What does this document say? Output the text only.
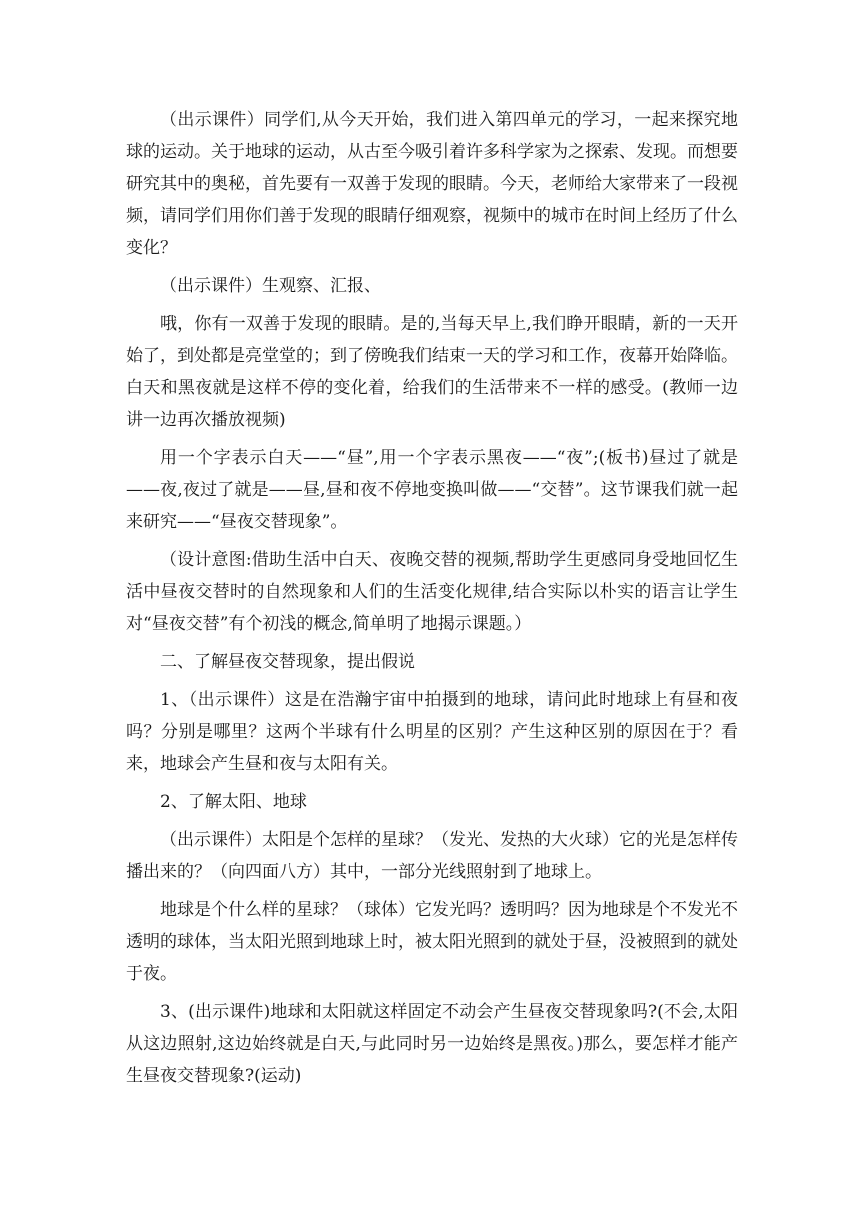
（出示课件）同学们,从今天开始，我们进入第四单元的学习，一起来探究地球的运动。关于地球的运动，从古至今吸引着许多科学家为之探索、发现。而想要研究其中的奥秘，首先要有一双善于发现的眼睛。今天，老师给大家带来了一段视频，请同学们用你们善于发现的眼睛仔细观察，视频中的城市在时间上经历了什么变化？

（出示课件）生观察、汇报、

哦，你有一双善于发现的眼睛。是的,当每天早上,我们睁开眼睛，新的一天开始了，到处都是亮堂堂的；到了傍晚我们结束一天的学习和工作，夜幕开始降临。白天和黑夜就是这样不停的变化着，给我们的生活带来不一样的感受。(教师一边讲一边再次播放视频)

用一个字表示白天——“昼”,用一个字表示黑夜——“夜”;(板书)昼过了就是——夜,夜过了就是——昼,昼和夜不停地变换叫做——“交替”。这节课我们就一起来研究——“昼夜交替现象”。

（设计意图:借助生活中白天、夜晚交替的视频,帮助学生更感同身受地回忆生活中昼夜交替时的自然现象和人们的生活变化规律,结合实际以朴实的语言让学生对“昼夜交替”有个初浅的概念,简单明了地揭示课题。）

二、了解昼夜交替现象，提出假说

1、（出示课件）这是在浩瀚宇宙中拍摄到的地球，请问此时地球上有昼和夜吗？分别是哪里？这两个半球有什么明星的区别？产生这种区别的原因在于？看来，地球会产生昼和夜与太阳有关。

2、了解太阳、地球

（出示课件）太阳是个怎样的星球？（发光、发热的大火球）它的光是怎样传播出来的？（向四面八方）其中，一部分光线照射到了地球上。

地球是个什么样的星球？（球体）它发光吗？透明吗？因为地球是个不发光不透明的球体，当太阳光照到地球上时，被太阳光照到的就处于昼，没被照到的就处于夜。

3、(出示课件)地球和太阳就这样固定不动会产生昼夜交替现象吗?(不会,太阳从这边照射,这边始终就是白天,与此同时另一边始终是黑夜。)那么，要怎样才能产生昼夜交替现象?(运动)
